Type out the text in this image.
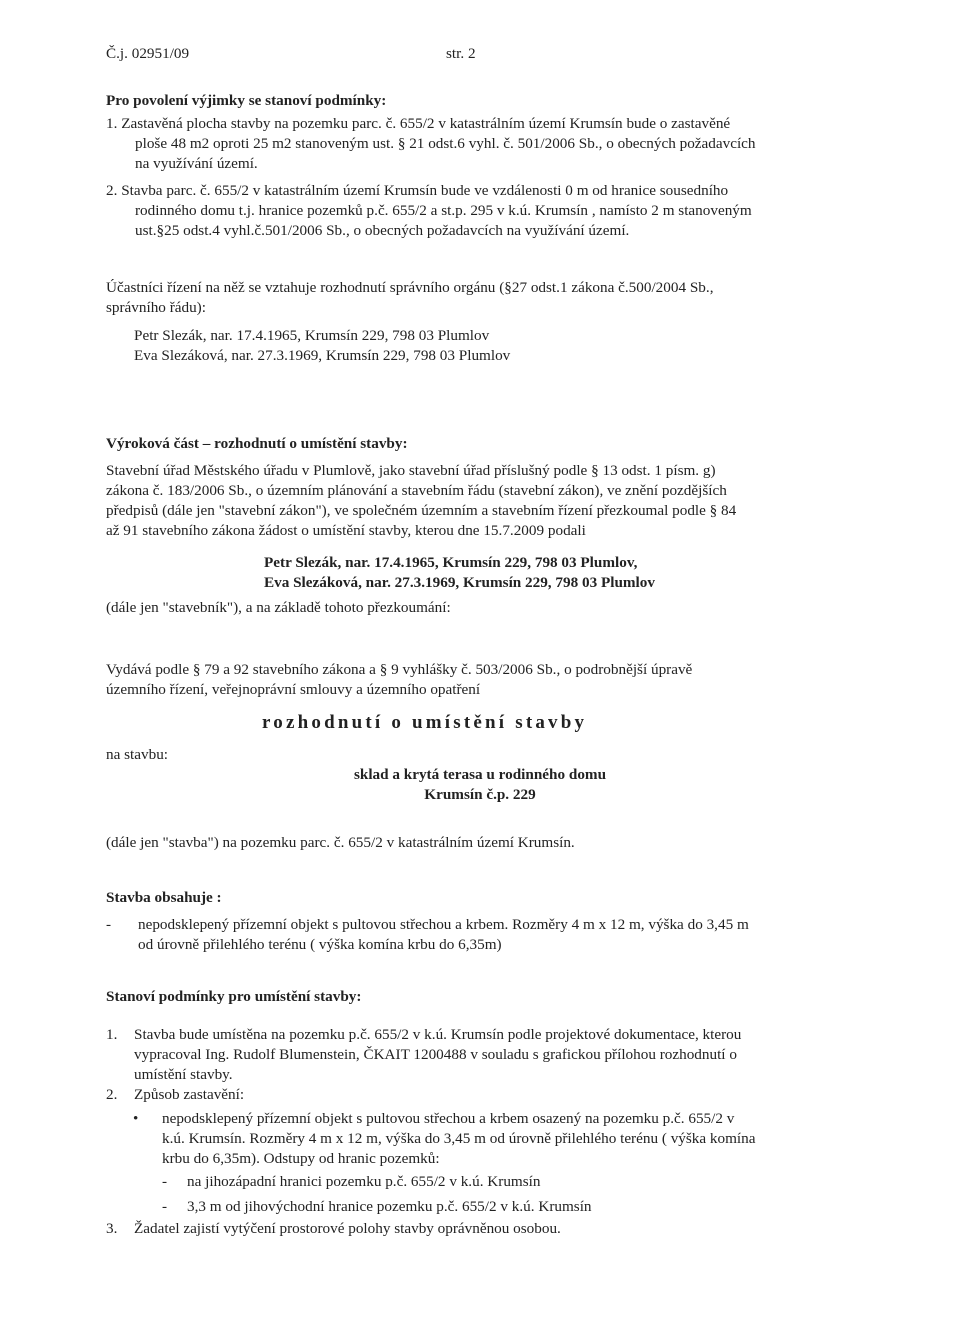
Č.j. 02951/09	str. 2
Pro povolení výjimky se stanoví podmínky:
1. Zastavěná plocha stavby na pozemku parc. č. 655/2 v katastrálním území Krumsín bude o zastavěné
ploše 48 m2 oproti 25 m2 stanoveným ust. § 21 odst.6 vyhl. č. 501/2006 Sb., o obecných požadavcích
na využívání území.
2. Stavba parc. č. 655/2 v katastrálním území Krumsín bude ve vzdálenosti 0 m od hranice sousedního
rodinného domu t.j. hranice pozemků p.č. 655/2 a st.p. 295 v k.ú. Krumsín , namísto 2 m stanoveným
ust.§25 odst.4 vyhl.č.501/2006 Sb., o obecných požadavcích na využívání území.
Účastníci řízení na něž se vztahuje rozhodnutí správního orgánu (§27 odst.1 zákona č.500/2004 Sb.,
správního řádu):
Petr Slezák, nar. 17.4.1965, Krumsín 229, 798 03 Plumlov
Eva Slezáková, nar. 27.3.1969, Krumsín 229, 798 03 Plumlov
Výroková část – rozhodnutí o umístění stavby:
Stavební úřad Městského úřadu v Plumlově, jako stavební úřad příslušný podle § 13 odst. 1 písm. g)
zákona č. 183/2006 Sb., o územním plánování a stavebním řádu (stavební zákon), ve znění pozdějších
předpisů (dále jen "stavební zákon"), ve společném územním a stavebním řízení přezkoumal podle § 84
až 91 stavebního zákona žádost o umístění stavby, kterou dne 15.7.2009 podali
Petr Slezák, nar. 17.4.1965, Krumsín 229, 798 03 Plumlov,
Eva Slezáková, nar. 27.3.1969, Krumsín 229, 798 03 Plumlov
(dále jen "stavebník"), a na základě tohoto přezkoumání:
Vydává podle § 79 a 92 stavebního zákona a § 9 vyhlášky č. 503/2006 Sb., o podrobnější úpravě
územního řízení, veřejnoprávní smlouvy a územního opatření
rozhodnutí o umístění stavby
na stavbu:
sklad a krytá terasa u rodinného domu
Krumsín č.p. 229
(dále jen "stavba") na pozemku parc. č. 655/2 v katastrálním území Krumsín.
Stavba obsahuje :
- nepodsklepený přízemní objekt s pultovou střechou a krbem. Rozměry 4 m x 12 m, výška do 3,45 m
od úrovně přilehlého terénu ( výška komína krbu do 6,35m)
Stanoví podmínky pro umístění stavby:
1. Stavba bude umístěna na pozemku p.č. 655/2 v k.ú. Krumsín podle projektové dokumentace, kterou
vypracoval Ing. Rudolf Blumenstein, ČKAIT 1200488 v souladu s grafickou přílohou rozhodnutí o
umístění stavby.
2. Způsob zastavění:
• nepodsklepený přízemní objekt s pultovou střechou a krbem osazený na pozemku p.č. 655/2 v
k.ú. Krumsín. Rozměry 4 m x 12 m, výška do 3,45 m od úrovně přilehlého terénu ( výška komína
krbu do 6,35m). Odstupy od hranic pozemků:
- na jihozápadní hranici pozemku p.č. 655/2 v k.ú. Krumsín
- 3,3 m od jihovýchodní hranice pozemku p.č. 655/2 v k.ú. Krumsín
3. Žadatel zajistí vytýčení prostorové polohy stavby oprávněnou osobou.
